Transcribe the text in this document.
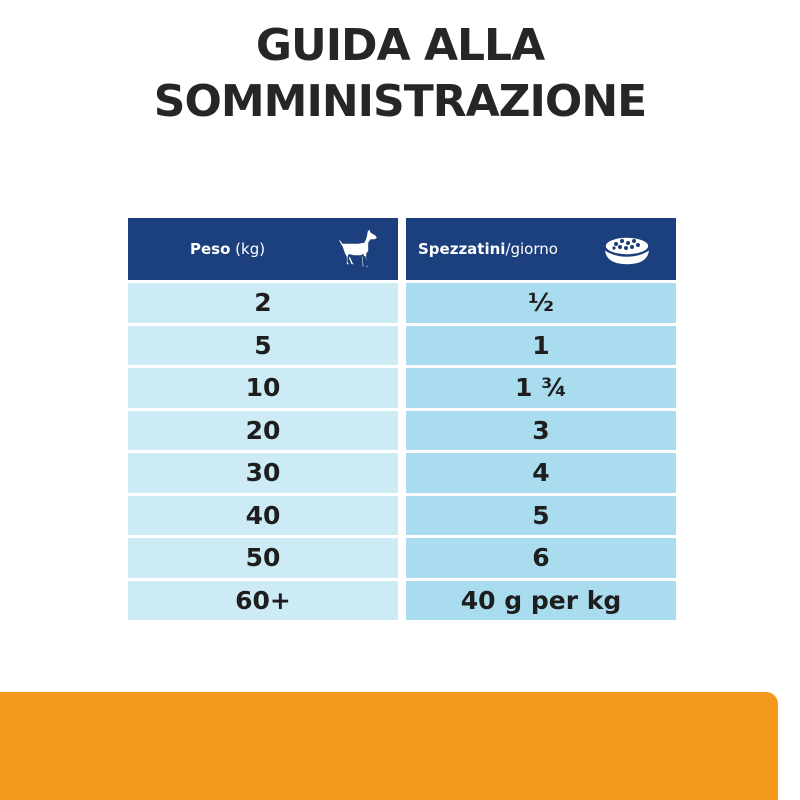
GUIDA ALLA
SOMMINISTRAZIONE
Peso (kg)	Spezzatini/giorno
2	½
5	1
10	1 ¾
20	3
30	4
40	5
50	6
60+	40 g per kg
